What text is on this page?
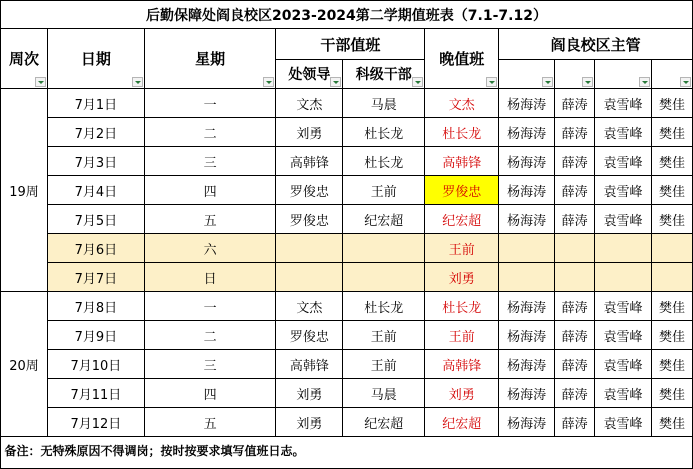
后勤保障处阎良校区2023-2024第二学期值班表（7.1-7.12）									
周次	日期	星期	干部值班		晚值班	阎良校区主管			
			处领导	科级干部	

19周	7月1日	一	文杰	马晨	文杰	杨海涛	薛涛	袁雪峰	樊佳
	7月2日	二	刘勇	杜长龙	杜长龙	杨海涛	薛涛	袁雪峰	樊佳
	7月3日	三	高韩锋	杜长龙	高韩锋	杨海涛	薛涛	袁雪峰	樊佳
	7月4日	四	罗俊忠	王前	罗俊忠	杨海涛	薛涛	袁雪峰	樊佳
	7月5日	五	罗俊忠	纪宏超	纪宏超	杨海涛	薛涛	袁雪峰	樊佳
	7月6日	六			王前				
	7月7日	日			刘勇				
20周	7月8日	一	文杰	杜长龙	杜长龙	杨海涛	薛涛	袁雪峰	樊佳
	7月9日	二	罗俊忠	王前	王前	杨海涛	薛涛	袁雪峰	樊佳
	7月10日	三	高韩锋	王前	高韩锋	杨海涛	薛涛	袁雪峰	樊佳
	7月11日	四	刘勇	马晨	刘勇	杨海涛	薛涛	袁雪峰	樊佳
	7月12日	五	刘勇	纪宏超	纪宏超	杨海涛	薛涛	袁雪峰	樊佳
备注：无特殊原因不得调岗；按时按要求填写值班日志。									
